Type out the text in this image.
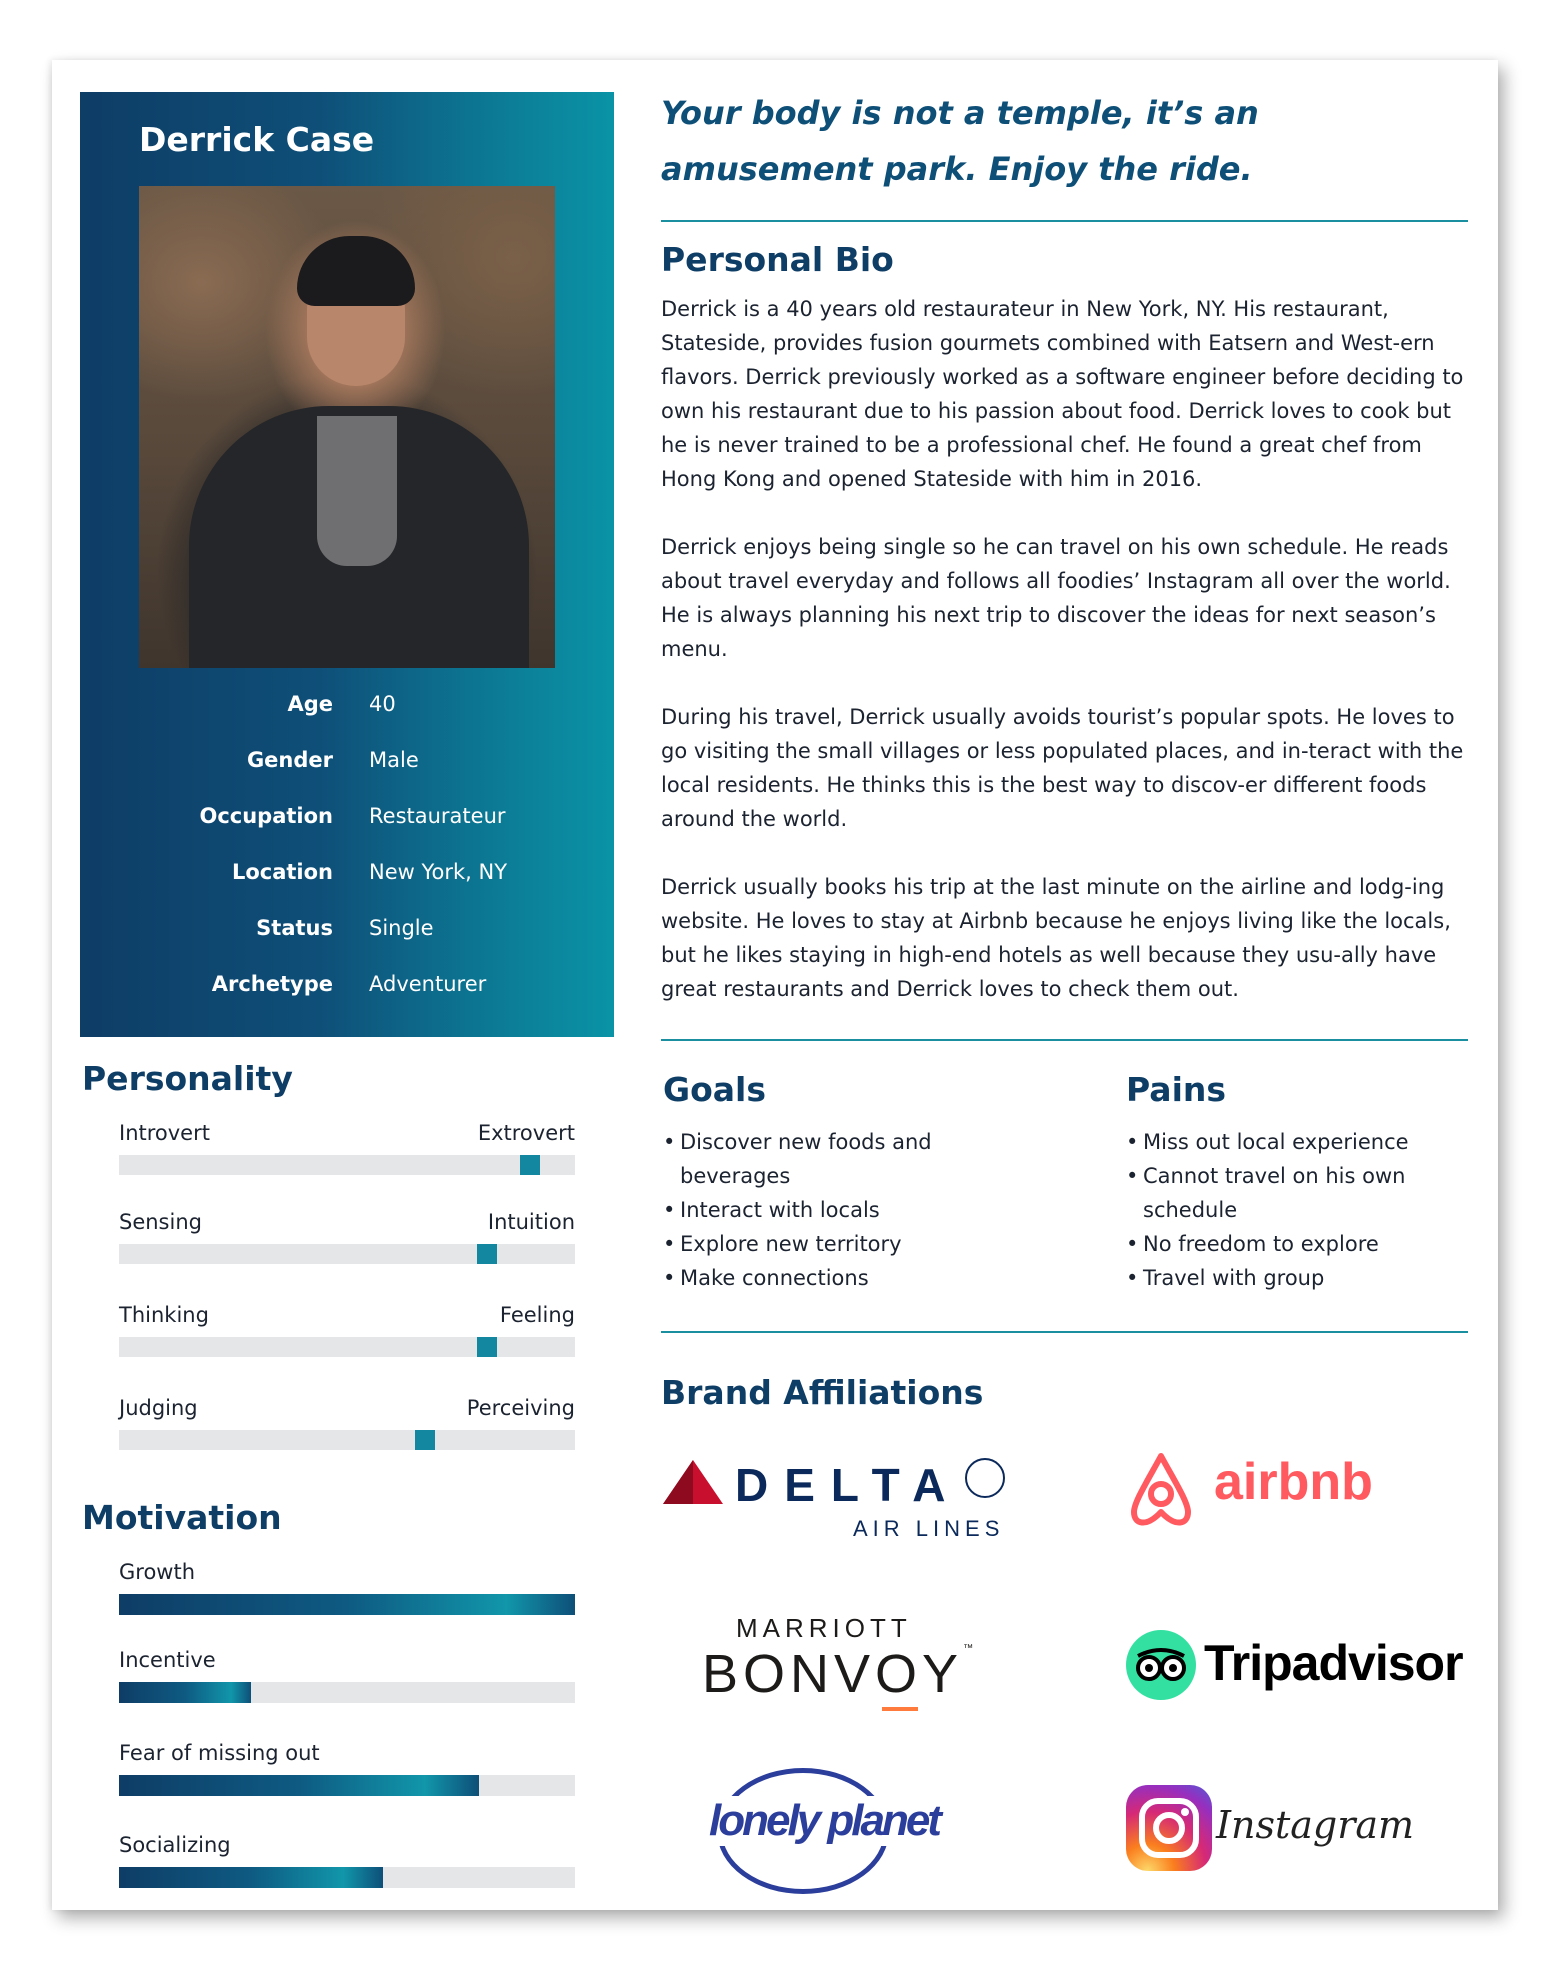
Derrick Case
Age 40
Gender Male
Occupation Restaurateur
Location New York, NY
Status Single
Archetype Adventurer
Personality
Introvert	Extrovert
Sensing	Intuition
Thinking	Feeling
Judging	Perceiving
Motivation
Growth
Incentive
Fear of missing out
Socializing
Your body is not a temple, it’s an amusement park. Enjoy the ride.
Personal Bio

Derrick is a 40 years old restaurateur in New York, NY. His restaurant, Stateside, provides fusion gourmets combined with Eatsern and West-ern flavors. Derrick previously worked as a software engineer before deciding to own his restaurant due to his passion about food. Derrick loves to cook but he is never trained to be a professional chef. He found a great chef from Hong Kong and opened Stateside with him in 2016.

Derrick enjoys being single so he can travel on his own schedule. He reads about travel everyday and follows all foodies’ Instagram all over the world. He is always planning his next trip to discover the ideas for next season’s menu.

During his travel, Derrick usually avoids tourist’s popular spots. He loves to go visiting the small villages or less populated places, and in-teract with the local residents. He thinks this is the best way to discov-er different foods around the world.

Derrick usually books his trip at the last minute on the airline and lodg-ing website. He loves to stay at Airbnb because he enjoys living like the locals, but he likes staying in high-end hotels as well because they usu-ally have great restaurants and Derrick loves to check them out.

Goals
• Discover new foods and beverages
• Interact with locals
• Explore new territory
• Make connections
Pains
• Miss out local experience
• Cannot travel on his own schedule
• No freedom to explore
• Travel with group
Brand Affiliations
DELTA
AIR LINES
airbnb
MARRIOTT
BONVOY™	Tripadvisor
lonely planet	Instagram
